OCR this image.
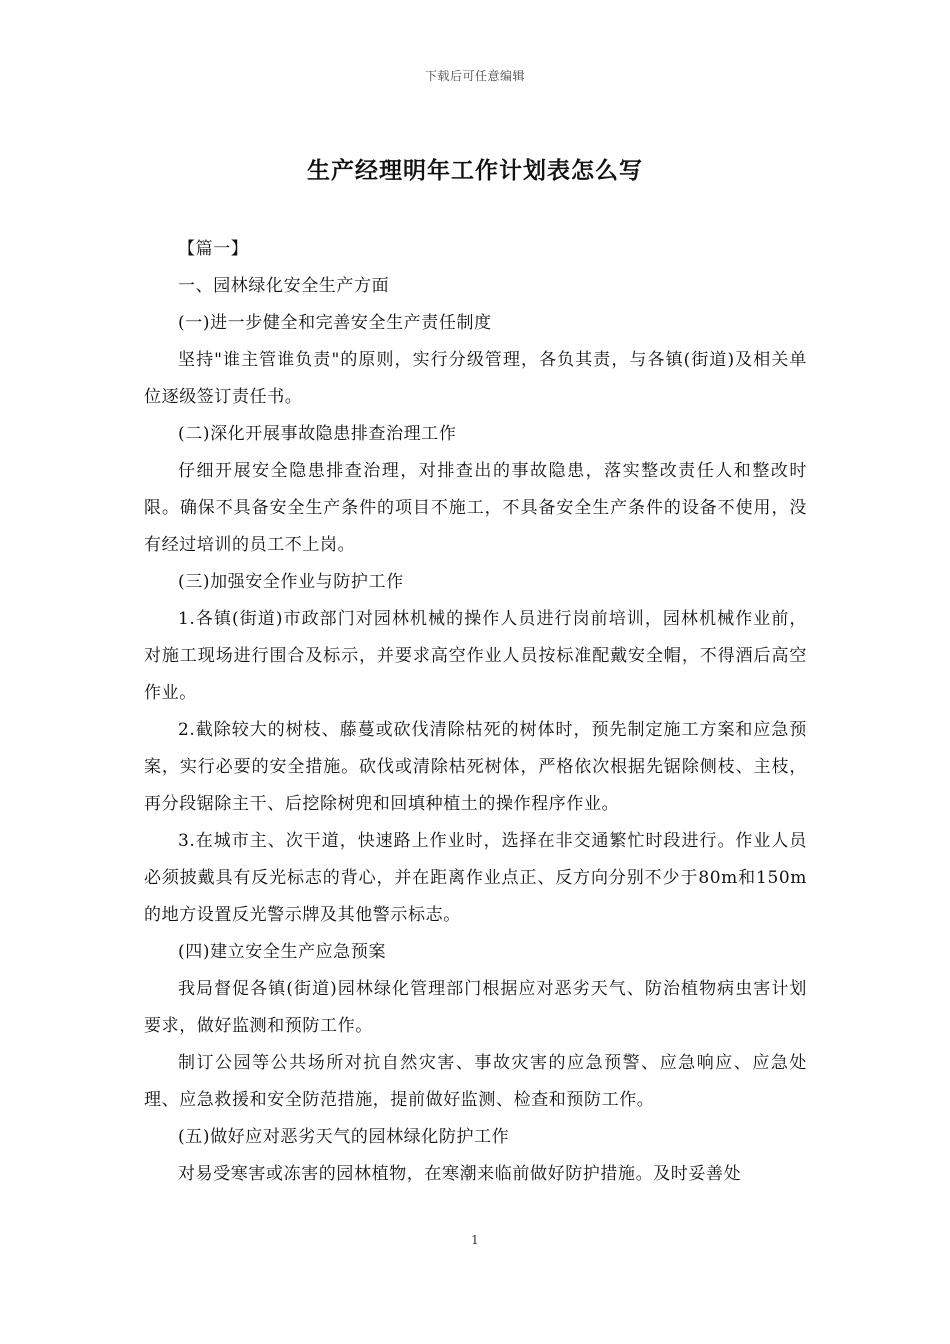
下载后可任意编辑
生产经理明年工作计划表怎么写

【篇一】

一、园林绿化安全生产方面

(一)进一步健全和完善安全生产责任制度

坚持"谁主管谁负责"的原则，实行分级管理，各负其责，与各镇(街道)及相关单位逐级签订责任书。

(二)深化开展事故隐患排查治理工作

仔细开展安全隐患排查治理，对排查出的事故隐患，落实整改责任人和整改时限。确保不具备安全生产条件的项目不施工，不具备安全生产条件的设备不使用，没有经过培训的员工不上岗。

(三)加强安全作业与防护工作

1.各镇(街道)市政部门对园林机械的操作人员进行岗前培训，园林机械作业前，对施工现场进行围合及标示，并要求高空作业人员按标准配戴安全帽，不得酒后高空作业。

2.截除较大的树枝、藤蔓或砍伐清除枯死的树体时，预先制定施工方案和应急预案，实行必要的安全措施。砍伐或清除枯死树体，严格依次根据先锯除侧枝、主枝，再分段锯除主干、后挖除树兜和回填种植土的操作程序作业。

3.在城市主、次干道，快速路上作业时，选择在非交通繁忙时段进行。作业人员必须披戴具有反光标志的背心，并在距离作业点正、反方向分别不少于80m和150m的地方设置反光警示牌及其他警示标志。

(四)建立安全生产应急预案

我局督促各镇(街道)园林绿化管理部门根据应对恶劣天气、防治植物病虫害计划要求，做好监测和预防工作。

制订公园等公共场所对抗自然灾害、事故灾害的应急预警、应急响应、应急处理、应急救援和安全防范措施，提前做好监测、检查和预防工作。

(五)做好应对恶劣天气的园林绿化防护工作

对易受寒害或冻害的园林植物，在寒潮来临前做好防护措施。及时妥善处

1
